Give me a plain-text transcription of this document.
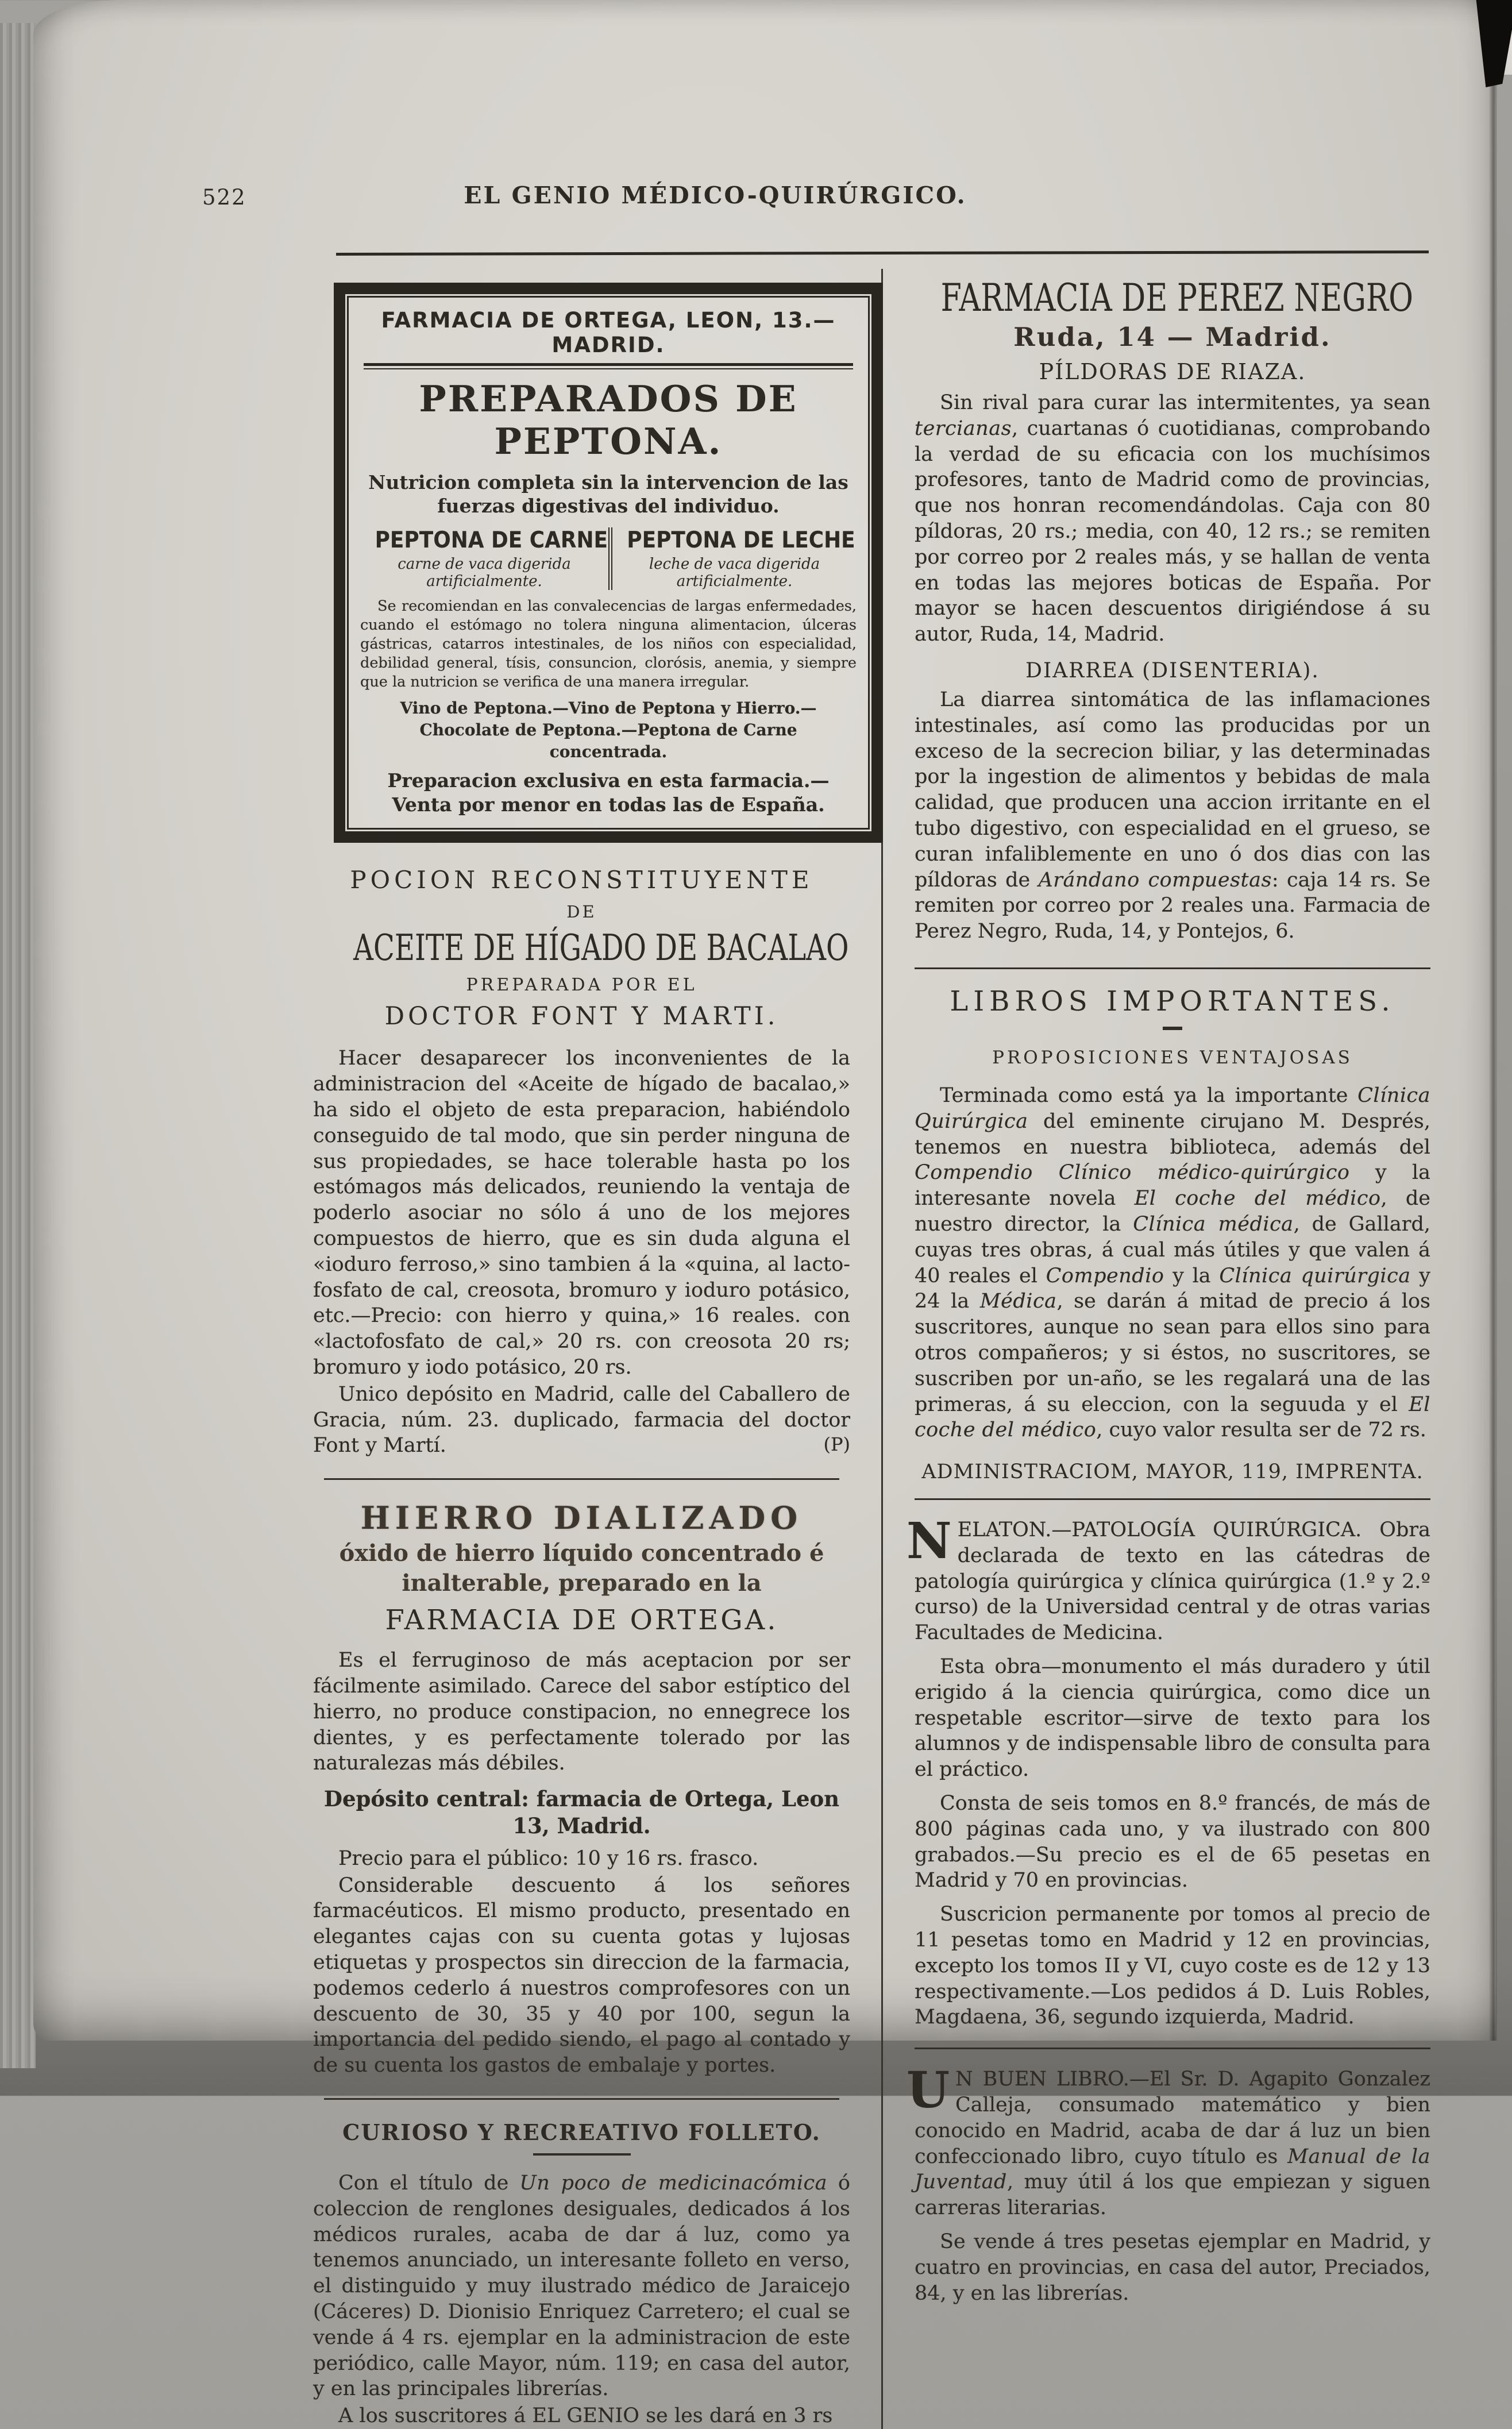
522	EL GENIO MÉDICO-QUIRÚRGICO.
FARMACIA DE ORTEGA, LEON, 13.—MADRID.
PREPARADOS DE PEPTONA.
Nutricion completa sin la intervencion de las fuerzas digestivas del individuo.
PEPTONA DE CARNE
carne de vaca digerida artificialmente.
PEPTONA DE LECHE
leche de vaca digerida artificialmente.

Se recomiendan en las convalecencias de largas enfermedades, cuando el estómago no tolera ninguna alimentacion, úlceras gástricas, catarros intestinales, de los niños con especialidad, debilidad general, tísis, consuncion, clorósis, anemia, y siempre que la nutricion se verifica de una manera irregular.

Vino de Peptona.—Vino de Peptona y Hierro.—Chocolate de Peptona.—Peptona de Carne concentrada.

Preparacion exclusiva en esta farmacia.—Venta por menor en todas las de España.

POCION RECONSTITUYENTE
DE
ACEITE DE HÍGADO DE BACALAO
PREPARADA POR EL
DOCTOR FONT Y MARTI.

Hacer desaparecer los inconvenientes de la administracion del «Aceite de hígado de bacalao,» ha sido el objeto de esta preparacion, habiéndolo conseguido de tal modo, que sin perder ninguna de sus propiedades, se hace tolerable hasta po los estómagos más delicados, reuniendo la ventaja de poderlo asociar no sólo á uno de los mejores compuestos de hierro, que es sin duda alguna el «ioduro ferroso,» sino tambien á la «quina, al lacto-fosfato de cal, creosota, bromuro y ioduro potásico, etc.—Precio: con hierro y quina,» 16 reales. con «lactofosfato de cal,» 20 rs. con creosota 20 rs; bromuro y iodo potásico, 20 rs.

Unico depósito en Madrid, calle del Caballero de Gracia, núm. 23. duplicado, farmacia del doctor Font y Martí.	(P)

HIERRO DIALIZADO
óxido de hierro líquido concentrado é inalterable, preparado en la
FARMACIA DE ORTEGA.

Es el ferruginoso de más aceptacion por ser fácilmente asimilado. Carece del sabor estíptico del hierro, no produce constipacion, no ennegrece los dientes, y es perfectamente tolerado por las naturalezas más débiles.

Depósito central: farmacia de Ortega, Leon 13, Madrid.

Precio para el público: 10 y 16 rs. frasco.

Considerable descuento á los señores farmacéuticos. El mismo producto, presentado en elegantes cajas con su cuenta gotas y lujosas etiquetas y prospectos sin direccion de la farmacia, podemos cederlo á nuestros comprofesores con un descuento de 30, 35 y 40 por 100, segun la importancia del pedido siendo, el pago al contado y de su cuenta los gastos de embalaje y portes.

CURIOSO Y RECREATIVO FOLLETO.

Con el título de Un poco de medicinacómica ó coleccion de renglones desiguales, dedicados á los médicos rurales, acaba de dar á luz, como ya tenemos anunciado, un interesante folleto en verso, el distinguido y muy ilustrado médico de Jaraicejo (Cáceres) D. Dionisio Enriquez Carretero; el cual se vende á 4 rs. ejemplar en la administracion de este periódico, calle Mayor, núm. 119; en casa del autor, y en las principales librerías.

A los suscritores á EL GENIO se les dará en 3 rs

FARMACIA DE PEREZ NEGRO
Ruda, 14 — Madrid.
PÍLDORAS DE RIAZA.

Sin rival para curar las intermitentes, ya sean tercianas, cuartanas ó cuotidianas, comprobando la verdad de su eficacia con los muchísimos profesores, tanto de Madrid como de provincias, que nos honran recomendándolas. Caja con 80 píldoras, 20 rs.; media, con 40, 12 rs.; se remiten por correo por 2 reales más, y se hallan de venta en todas las mejores boticas de España. Por mayor se hacen descuentos dirigiéndose á su autor, Ruda, 14, Madrid.

DIARREA (DISENTERIA).

La diarrea sintomática de las inflamaciones intestinales, así como las producidas por un exceso de la secrecion biliar, y las determinadas por la ingestion de alimentos y bebidas de mala calidad, que producen una accion irritante en el tubo digestivo, con especialidad en el grueso, se curan infaliblemente en uno ó dos dias con las píldoras de Arándano compuestas: caja 14 rs. Se remiten por correo por 2 reales una. Farmacia de Perez Negro, Ruda, 14, y Pontejos, 6.

LIBROS IMPORTANTES.
PROPOSICIONES VENTAJOSAS

Terminada como está ya la importante Clínica Quirúrgica del eminente cirujano M. Després, tenemos en nuestra biblioteca, además del Compendio Clínico médico-quirúrgico y la interesante novela El coche del médico, de nuestro director, la Clínica médica, de Gallard, cuyas tres obras, á cual más útiles y que valen á 40 reales el Compendio y la Clínica quirúrgica y 24 la Médica, se darán á mitad de precio á los suscritores, aunque no sean para ellos sino para otros compañeros; y si éstos, no suscritores, se suscriben por un-año, se les regalará una de las primeras, á su eleccion, con la seguuda y el El coche del médico, cuyo valor resulta ser de 72 rs.

ADMINISTRACIOM, MAYOR, 119, IMPRENTA.

NELATON.—PATOLOGÍA QUIRÚRGICA. Obra declarada de texto en las cátedras de patología quirúrgica y clínica quirúrgica (1.º y 2.º curso) de la Universidad central y de otras varias Facultades de Medicina.

Esta obra—monumento el más duradero y útil erigido á la ciencia quirúrgica, como dice un respetable escritor—sirve de texto para los alumnos y de indispensable libro de consulta para el práctico.

Consta de seis tomos en 8.º francés, de más de 800 páginas cada uno, y va ilustrado con 800 grabados.—Su precio es el de 65 pesetas en Madrid y 70 en provincias.

Suscricion permanente por tomos al precio de 11 pesetas tomo en Madrid y 12 en provincias, excepto los tomos II y VI, cuyo coste es de 12 y 13 respectivamente.—Los pedidos á D. Luis Robles, Magdaena, 36, segundo izquierda, Madrid.

U N BUEN LIBRO.—El Sr. D. Agapito Gonzalez Calleja, consumado matemático y bien conocido en Madrid, acaba de dar á luz un bien confeccionado libro, cuyo título es Manual de la Juventad, muy útil á los que empiezan y siguen carreras literarias.

Se vende á tres pesetas ejemplar en Madrid, y cuatro en provincias, en casa del autor, Preciados, 84, y en las librerías.
